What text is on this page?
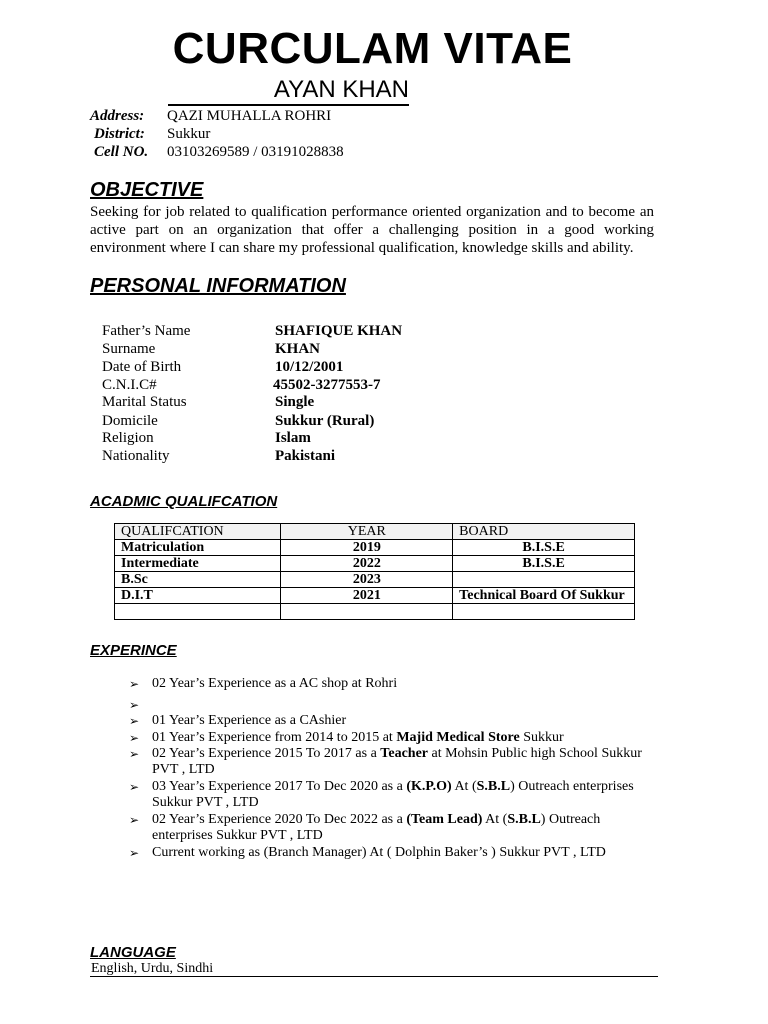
CURCULAM VITAE
AYAN KHAN
Address:	QAZI MUHALLA ROHRI
District:	Sukkur
Cell NO.	03103269589 / 03191028838
OBJECTIVE
Seeking for job related to qualification performance oriented organization and to become an active part on an organization that offer a challenging position in a good working environment where I can share my professional qualification, knowledge skills and ability.
PERSONAL INFORMATION
Father’s Name	SHAFIQUE KHAN
Surname	KHAN
Date of Birth	10/12/2001
C.N.I.C#	45502-3277553-7
Marital Status	Single
Domicile	Sukkur (Rural)
Religion	Islam
Nationality	Pakistani
ACADMIC QUALIFCATION
QUALIFCATION	YEAR	BOARD
Matriculation	2019	B.I.S.E
Intermediate	2022	B.I.S.E
B.Sc	2023	
D.I.T	2021	Technical Board Of Sukkur

EXPERINCE
➢ 02 Year’s Experience as a AC shop at Rohri
➢
➢ 01 Year’s Experience as a CAshier
➢ 01 Year’s Experience from 2014 to 2015 at Majid Medical Store Sukkur
➢ 02 Year’s Experience 2015 To 2017 as a Teacher at Mohsin Public high School Sukkur PVT , LTD
➢ 03 Year’s Experience 2017 To Dec 2020 as a (K.P.O) At (S.B.L) Outreach enterprises Sukkur PVT , LTD
➢ 02 Year’s Experience 2020 To Dec 2022 as a (Team Lead) At (S.B.L) Outreach enterprises Sukkur PVT , LTD
➢ Current working as (Branch Manager) At ( Dolphin Baker’s ) Sukkur PVT , LTD
LANGUAGE
English, Urdu, Sindhi
